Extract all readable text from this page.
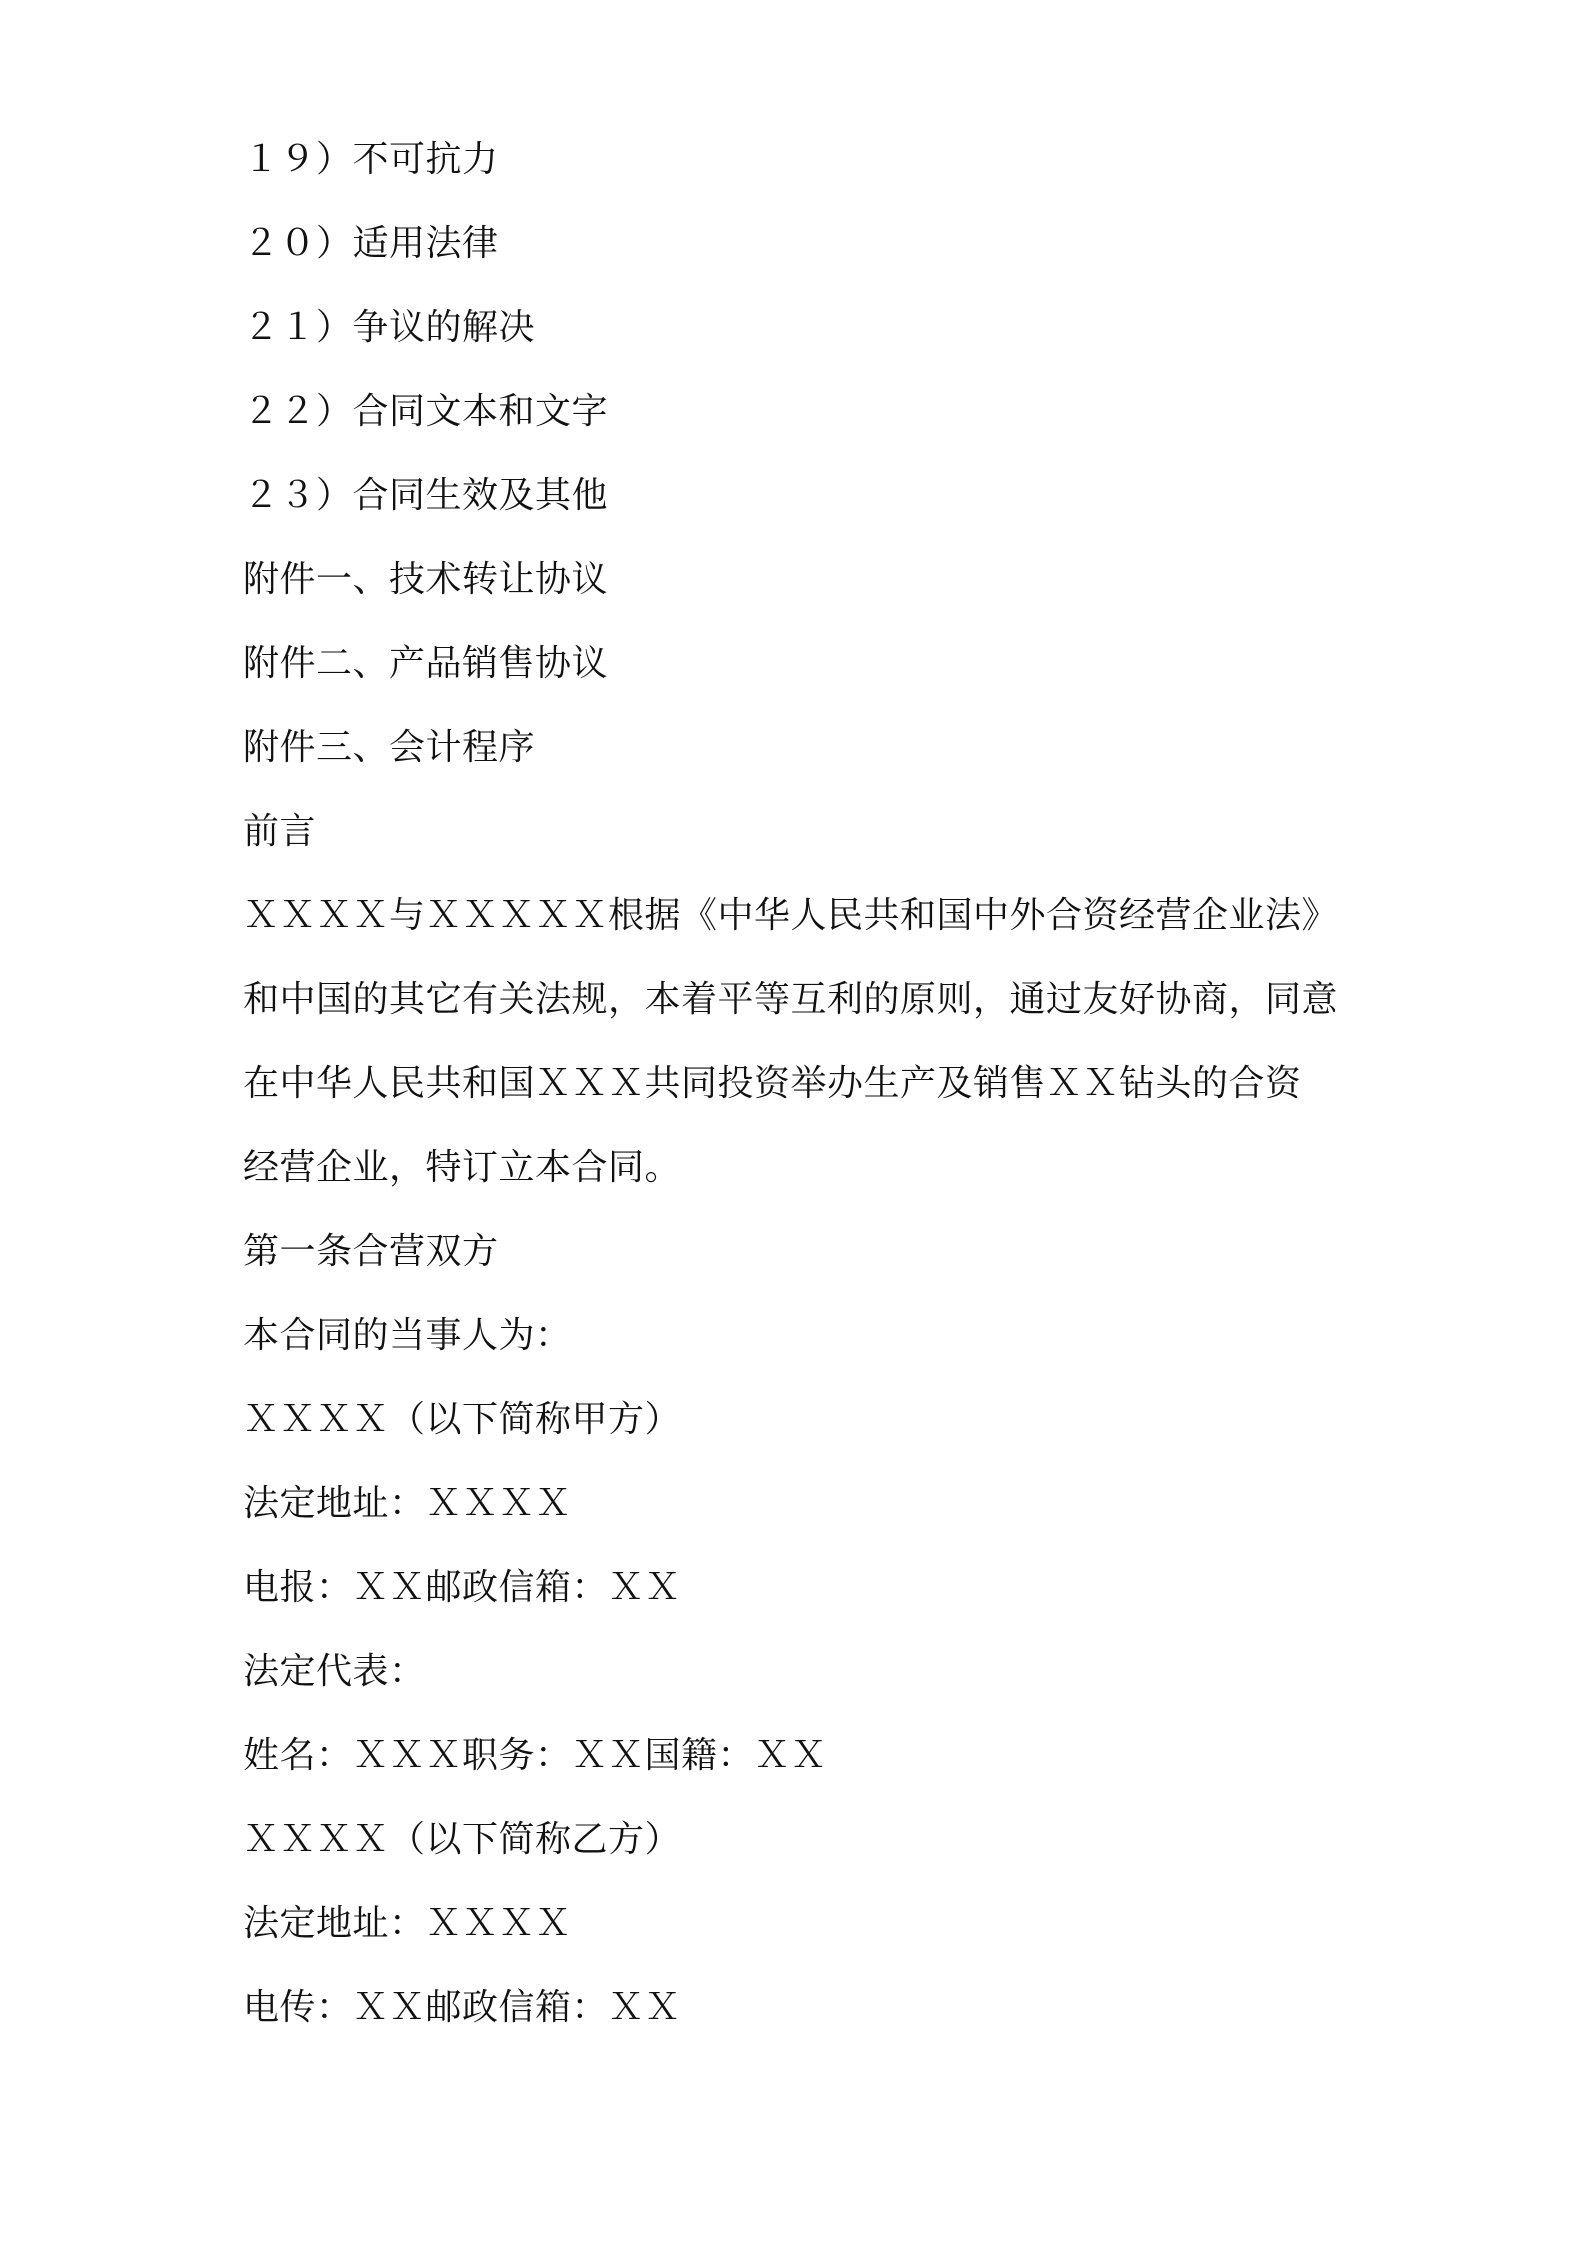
１９）不可抗力
２０）适用法律
２１）争议的解决
２２）合同文本和文字
２３）合同生效及其他
附件一、技术转让协议
附件二、产品销售协议
附件三、会计程序
前言
ＸＸＸＸ与ＸＸＸＸＸ根据《中华人民共和国中外合资经营企业法》
和中国的其它有关法规，本着平等互利的原则，通过友好协商，同意
在中华人民共和国ＸＸＸ共同投资举办生产及销售ＸＸ钻头的合资
经营企业，特订立本合同。
第一条合营双方
本合同的当事人为：
ＸＸＸＸ（以下简称甲方）
法定地址：ＸＸＸＸ
电报：ＸＸ邮政信箱：ＸＸ
法定代表：
姓名：ＸＸＸ职务：ＸＸ国籍：ＸＸ
ＸＸＸＸ（以下简称乙方）
法定地址：ＸＸＸＸ
电传：ＸＸ邮政信箱：ＸＸ
